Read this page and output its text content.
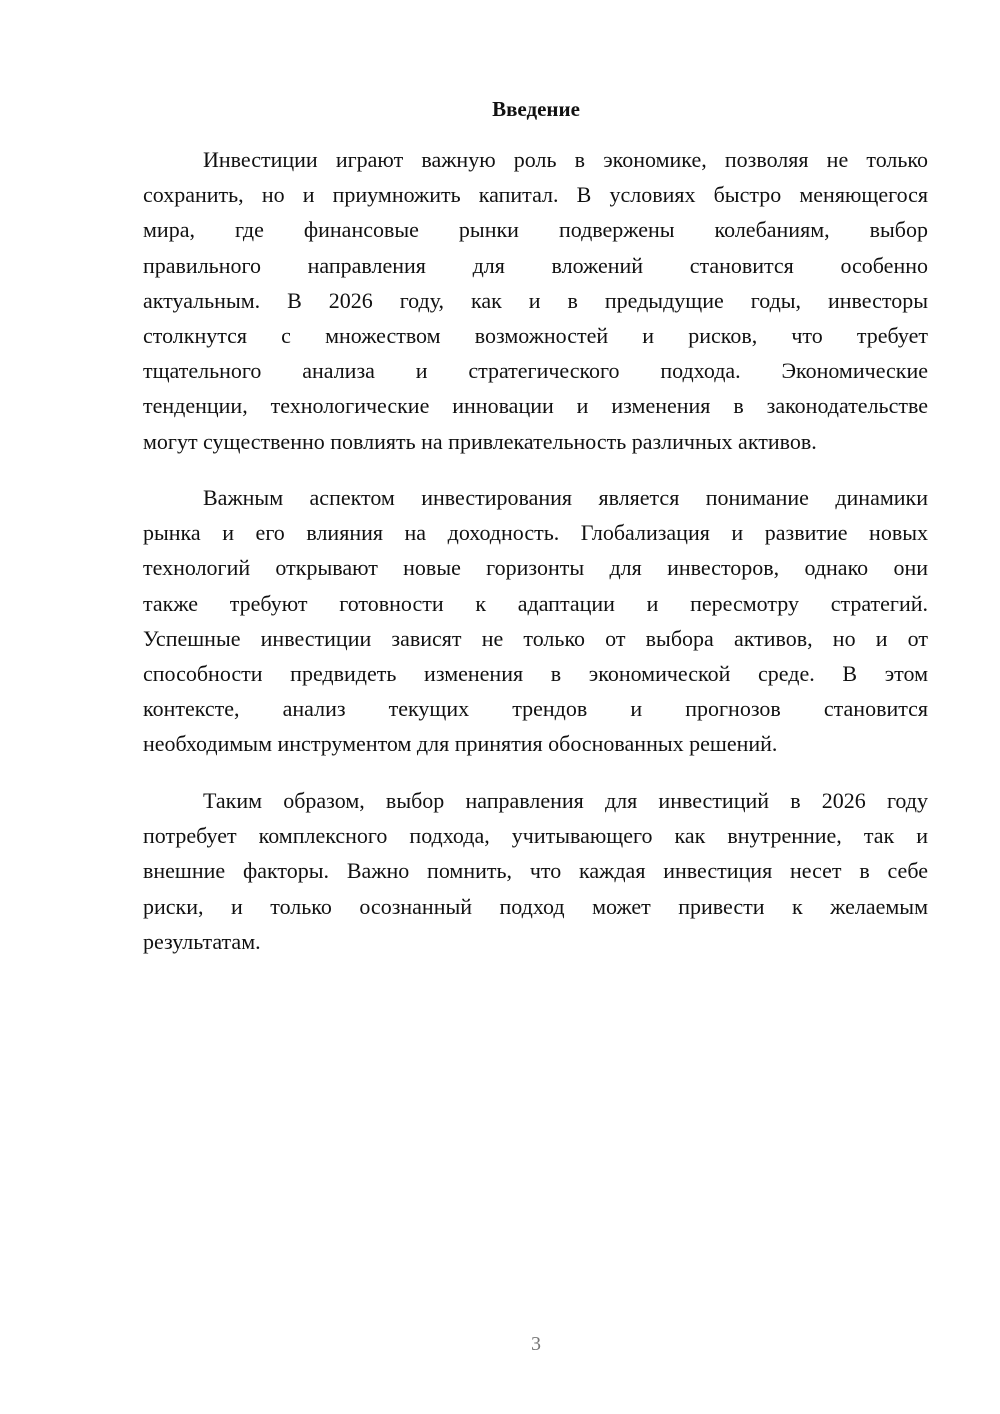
Введение
Инвестиции играют важную роль в экономике, позволяя не только
сохранить, но и приумножить капитал. В условиях быстро меняющегося
мира, где финансовые рынки подвержены колебаниям, выбор
правильного направления для вложений становится особенно
актуальным. В 2026 году, как и в предыдущие годы, инвесторы
столкнутся с множеством возможностей и рисков, что требует
тщательного анализа и стратегического подхода. Экономические
тенденции, технологические инновации и изменения в законодательстве
могут существенно повлиять на привлекательность различных активов.
Важным аспектом инвестирования является понимание динамики
рынка и его влияния на доходность. Глобализация и развитие новых
технологий открывают новые горизонты для инвесторов, однако они
также требуют готовности к адаптации и пересмотру стратегий.
Успешные инвестиции зависят не только от выбора активов, но и от
способности предвидеть изменения в экономической среде. В этом
контексте, анализ текущих трендов и прогнозов становится
необходимым инструментом для принятия обоснованных решений.
Таким образом, выбор направления для инвестиций в 2026 году
потребует комплексного подхода, учитывающего как внутренние, так и
внешние факторы. Важно помнить, что каждая инвестиция несет в себе
риски, и только осознанный подход может привести к желаемым
результатам.
3
